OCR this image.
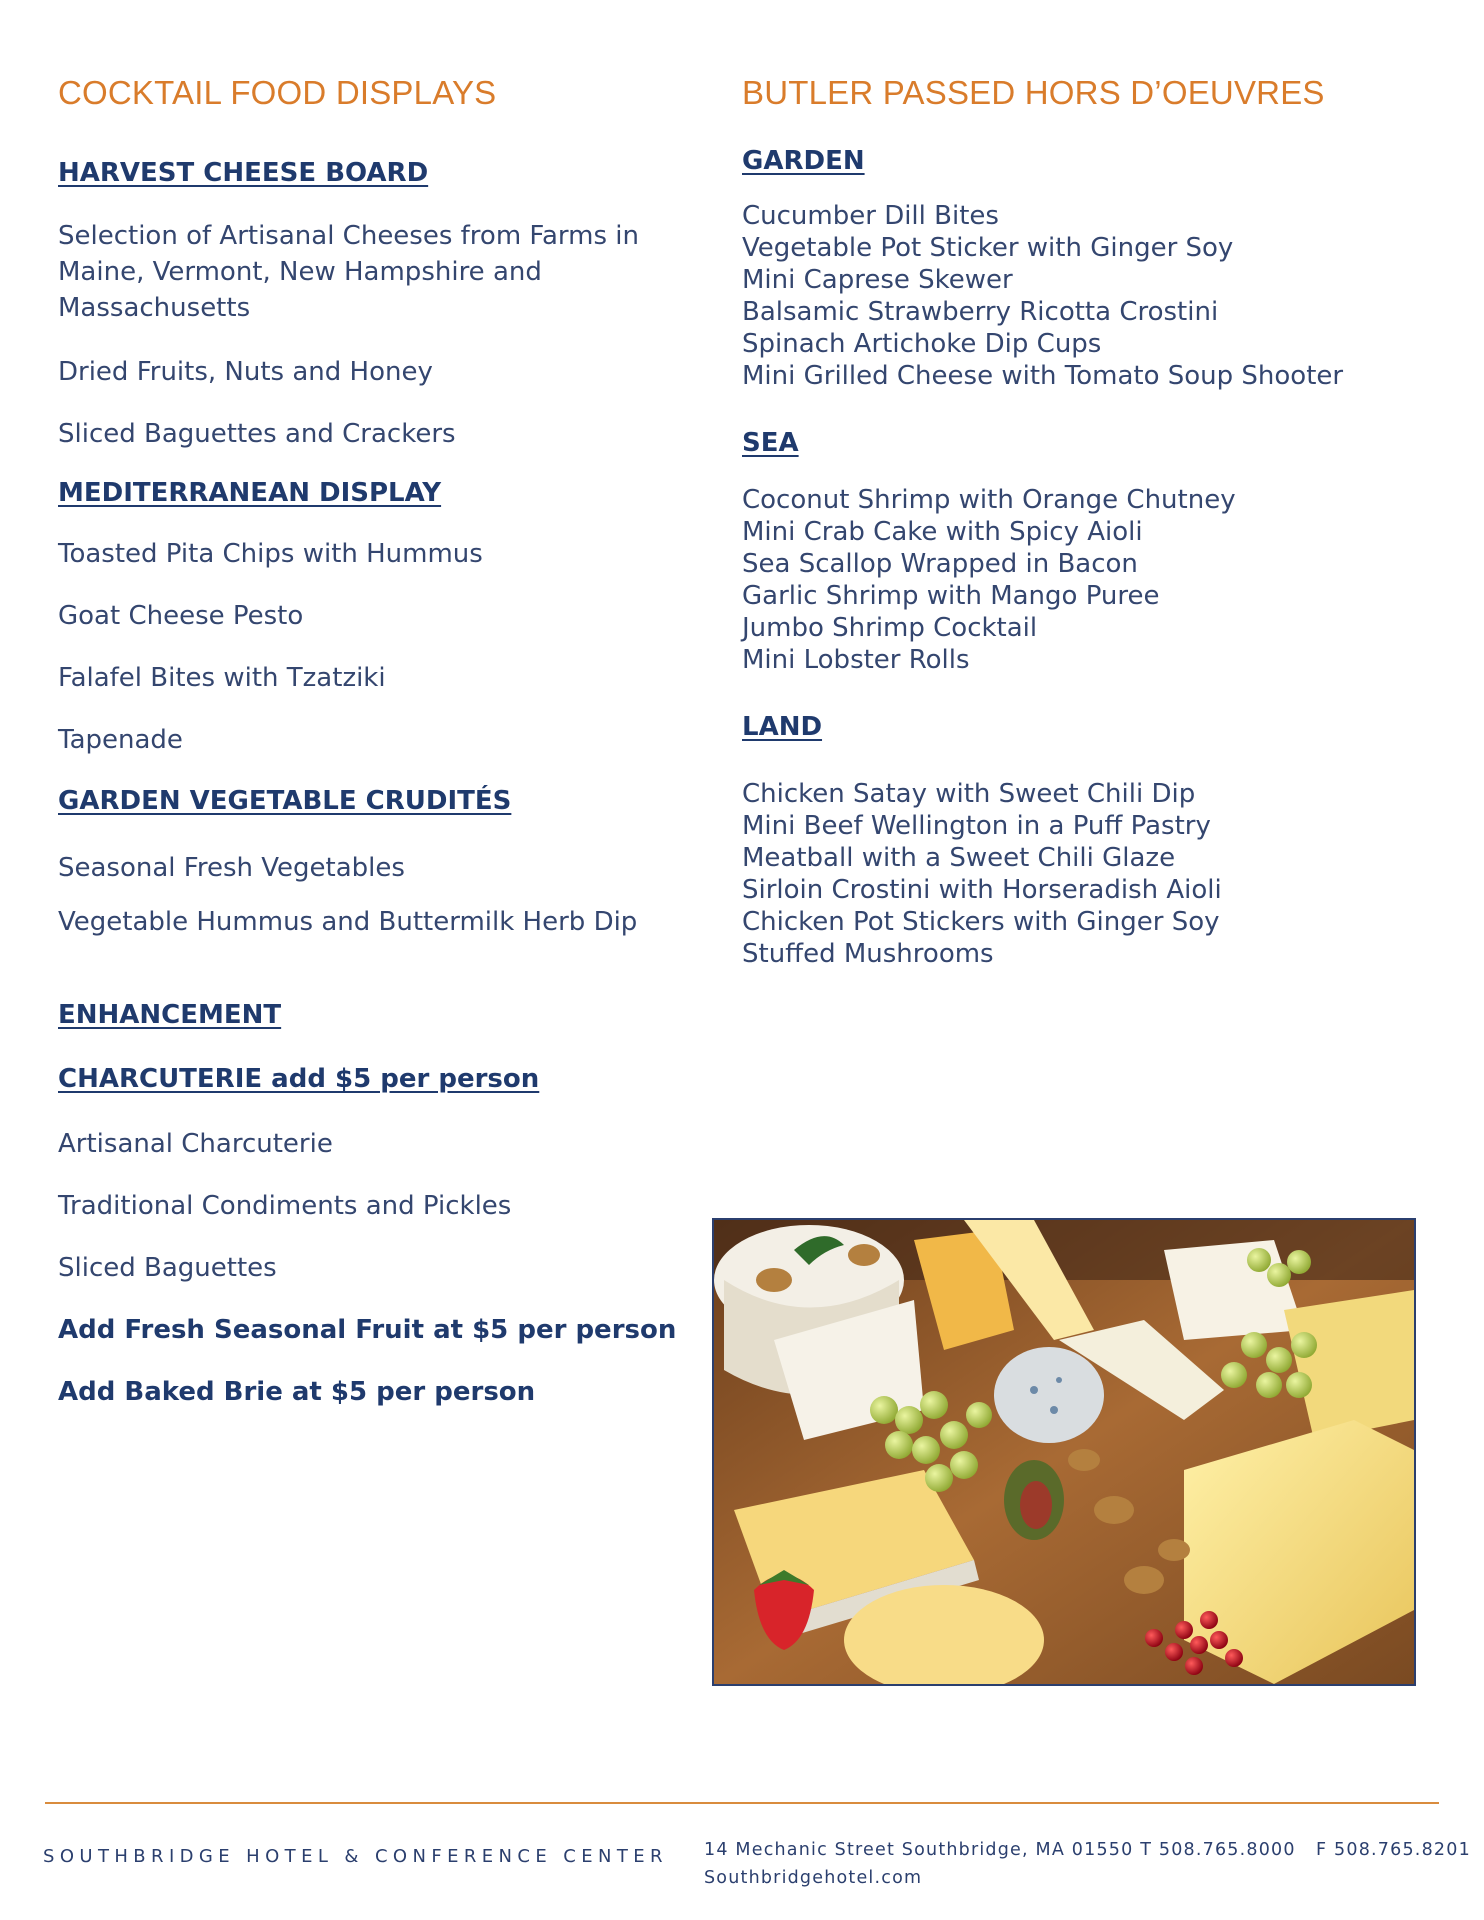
COCKTAIL FOOD DISPLAYS
HARVEST CHEESE BOARD
Selection of Artisanal Cheeses from Farms in Maine, Vermont, New Hampshire and Massachusetts
Dried Fruits, Nuts and Honey
Sliced Baguettes and Crackers
MEDITERRANEAN DISPLAY
Toasted Pita Chips with Hummus
Goat Cheese Pesto
Falafel Bites with Tzatziki
Tapenade
GARDEN VEGETABLE CRUDITÉS
Seasonal Fresh Vegetables
Vegetable Hummus and Buttermilk Herb Dip
ENHANCEMENT
CHARCUTERIE add $5 per person
Artisanal Charcuterie
Traditional Condiments and Pickles
Sliced Baguettes
Add Fresh Seasonal Fruit at $5 per person
Add Baked Brie at $5 per person
BUTLER PASSED HORS D’OEUVRES
GARDEN
Cucumber Dill Bites
Vegetable Pot Sticker with Ginger Soy
Mini Caprese Skewer
Balsamic Strawberry Ricotta Crostini
Spinach Artichoke Dip Cups
Mini Grilled Cheese with Tomato Soup Shooter
SEA
Coconut Shrimp with Orange Chutney
Mini Crab Cake with Spicy Aioli
Sea Scallop Wrapped in Bacon
Garlic Shrimp with Mango Puree
Jumbo Shrimp Cocktail
Mini Lobster Rolls
LAND
Chicken Satay with Sweet Chili Dip
Mini Beef Wellington in a Puff Pastry
Meatball with a Sweet Chili Glaze
Sirloin Crostini with Horseradish Aioli
Chicken Pot Stickers with Ginger Soy
Stuffed Mushrooms
SOUTHBRIDGE HOTEL & CONFERENCE CENTER 14 Mechanic Street Southbridge, MA 01550 T 508.765.8000   F 508.765.8201
Southbridgehotel.com
